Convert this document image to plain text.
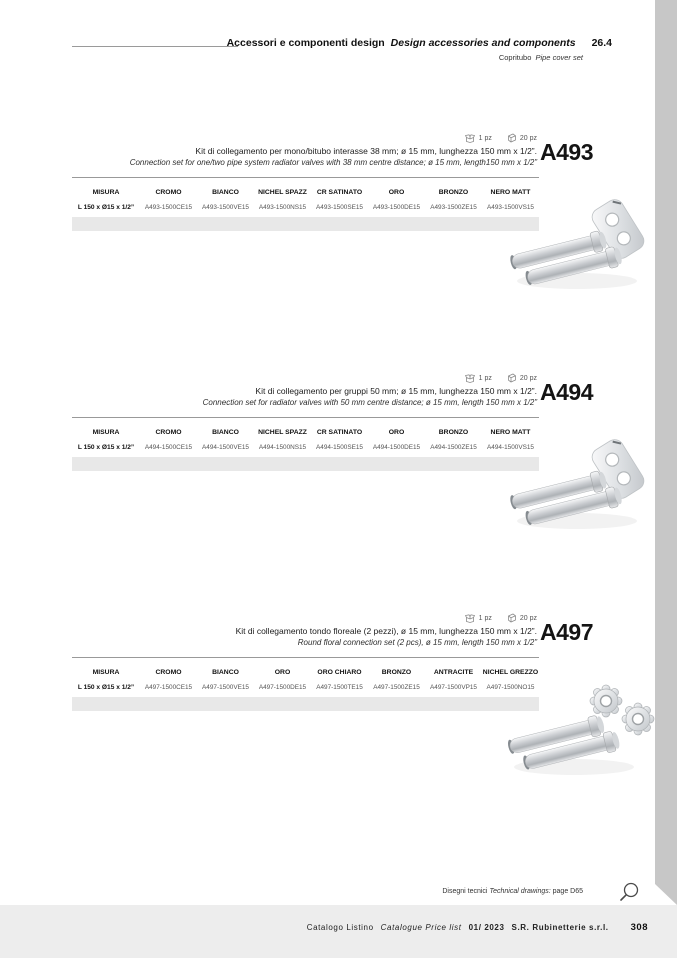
Accessori e componenti design Design accessories and components 26.4
Copritubo Pipe cover set
1 pz	20 pz
Kit di collegamento per mono/bitubo interasse 38 mm; ø 15 mm, lunghezza 150 mm x 1/2”.
Connection set for one/two pipe system radiator valves with 38 mm centre distance; ø 15 mm, length150 mm x 1/2” A493
MISURA	CROMO	BIANCO	NICHEL SPAZZ	CR SATINATO	ORO	BRONZO	NERO MATT
L 150 x Ø15 x 1/2”	A493-1500CE15	A493-1500VE15	A493-1500NS15	A493-1500SE15	A493-1500DE15	A493-1500ZE15	A493-1500VS15
1 pz	20 pz
Kit di collegamento per gruppi 50 mm; ø 15 mm, lunghezza 150 mm x 1/2”.
Connection set for radiator valves with 50 mm centre distance; ø 15 mm, length 150 mm x 1/2” A494
MISURA	CROMO	BIANCO	NICHEL SPAZZ	CR SATINATO	ORO	BRONZO	NERO MATT
L 150 x Ø15 x 1/2”	A494-1500CE15	A494-1500VE15	A494-1500NS15	A494-1500SE15	A494-1500DE15	A494-1500ZE15	A494-1500VS15
1 pz	20 pz
Kit di collegamento tondo floreale (2 pezzi), ø 15 mm, lunghezza 150 mm x 1/2”.
Round floral connection set (2 pcs), ø 15 mm, length 150 mm x 1/2” A497
MISURA	CROMO	BIANCO	ORO	ORO CHIARO	BRONZO	ANTRACITE	NICHEL GREZZO
L 150 x Ø15 x 1/2”	A497-1500CE15	A497-1500VE15	A497-1500DE15	A497-1500TE15	A497-1500ZE15	A497-1500VP15	A497-1500NO15
Disegni tecnici Technical drawings: page D65
Catalogo Listino Catalogue Price list 01/ 2023 S.R. Rubinetterie s.r.l. 308
